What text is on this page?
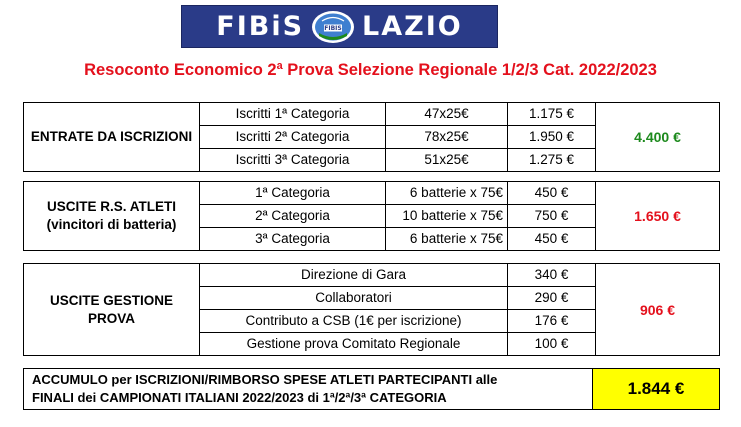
FIBiS	FIBIS LAZIO
Resoconto Economico 2ª Prova Selezione Regionale 1/2/3 Cat. 2022/2023
ENTRATE DA ISCRIZIONI	Iscritti 1ª Categoria	47x25€	1.175 €	4.400 €
	Iscritti 2ª Categoria	78x25€	1.950 €	
	Iscritti 3ª Categoria	51x25€	1.275 €	
USCITE R.S. ATLETI
(vincitori di batteria)	1ª Categoria	6 batterie x 75€	450 €	1.650 €
	2ª Categoria	10 batterie x 75€	750 €	
	3ª Categoria	6 batterie x 75€	450 €	
USCITE GESTIONE PROVA	Direzione di Gara	340 €	906 €
	Collaboratori	290 €	
	Contributo a CSB (1€ per iscrizione)	176 €	
	Gestione prova Comitato Regionale	100 €	
ACCUMULO per ISCRIZIONI/RIMBORSO SPESE ATLETI PARTECIPANTI alle
FINALI dei CAMPIONATI ITALIANI 2022/2023 di 1ª/2ª/3ª CATEGORIA	1.844 €
